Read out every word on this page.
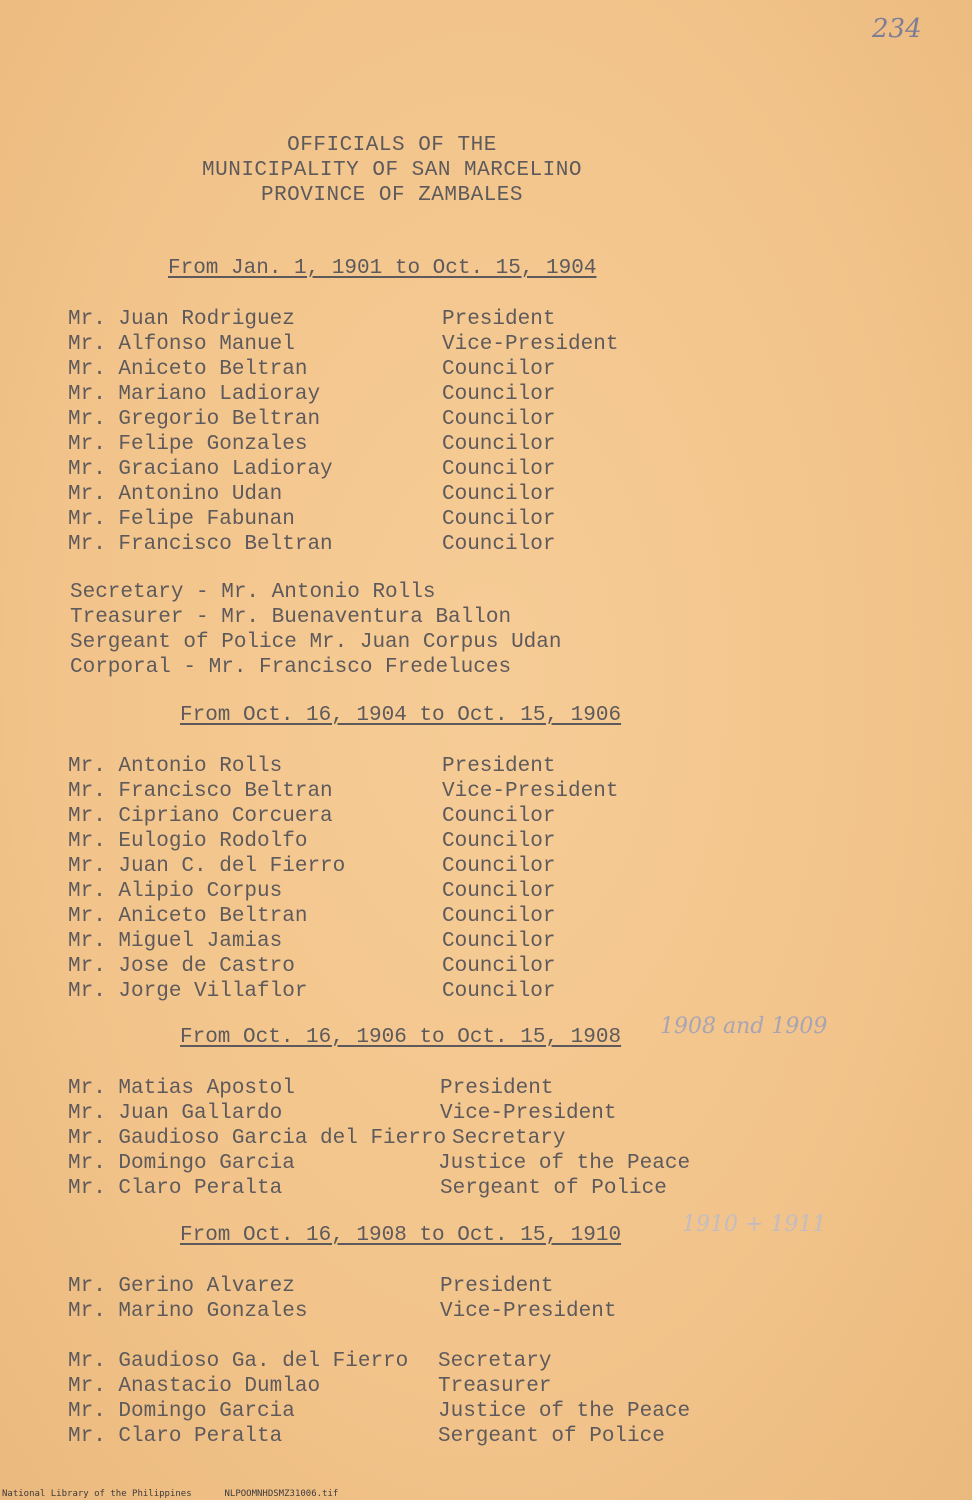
234
OFFICIALS OF THE
MUNICIPALITY OF SAN MARCELINO
PROVINCE OF ZAMBALES
From Jan. 1, 1901 to Oct. 15, 1904
Mr. Juan Rodriguez	President
Mr. Alfonso Manuel	Vice-President
Mr. Aniceto Beltran	Councilor
Mr. Mariano Ladioray	Councilor
Mr. Gregorio Beltran	Councilor
Mr. Felipe Gonzales	Councilor
Mr. Graciano Ladioray	Councilor
Mr. Antonino Udan	Councilor
Mr. Felipe Fabunan	Councilor
Mr. Francisco Beltran	Councilor
Secretary - Mr. Antonio Rolls
Treasurer - Mr. Buenaventura Ballon
Sergeant of Police Mr. Juan Corpus Udan
Corporal - Mr. Francisco Fredeluces
From Oct. 16, 1904 to Oct. 15, 1906
Mr. Antonio Rolls	President
Mr. Francisco Beltran	Vice-President
Mr. Cipriano Corcuera	Councilor
Mr. Eulogio Rodolfo	Councilor
Mr. Juan C. del Fierro	Councilor
Mr. Alipio Corpus	Councilor
Mr. Aniceto Beltran	Councilor
Mr. Miguel Jamias	Councilor
Mr. Jose de Castro	Councilor
Mr. Jorge Villaflor	Councilor
From Oct. 16, 1906 to Oct. 15, 1908 1908 and 1909
Mr. Matias Apostol	President
Mr. Juan Gallardo	Vice-President
Mr. Gaudioso Garcia del Fierro Secretary
Mr. Domingo Garcia	Justice of the Peace
Mr. Claro Peralta	Sergeant of Police
From Oct. 16, 1908 to Oct. 15, 1910	1910 + 1911
Mr. Gerino Alvarez	President
Mr. Marino Gonzales	Vice-President
Mr. Gaudioso Ga. del Fierro Secretary
Mr. Anastacio Dumlao	Treasurer
Mr. Domingo Garcia	Justice of the Peace
Mr. Claro Peralta	Sergeant of Police
National Library of the Philippines	NLPOOMNHDSMZ31006.tif
